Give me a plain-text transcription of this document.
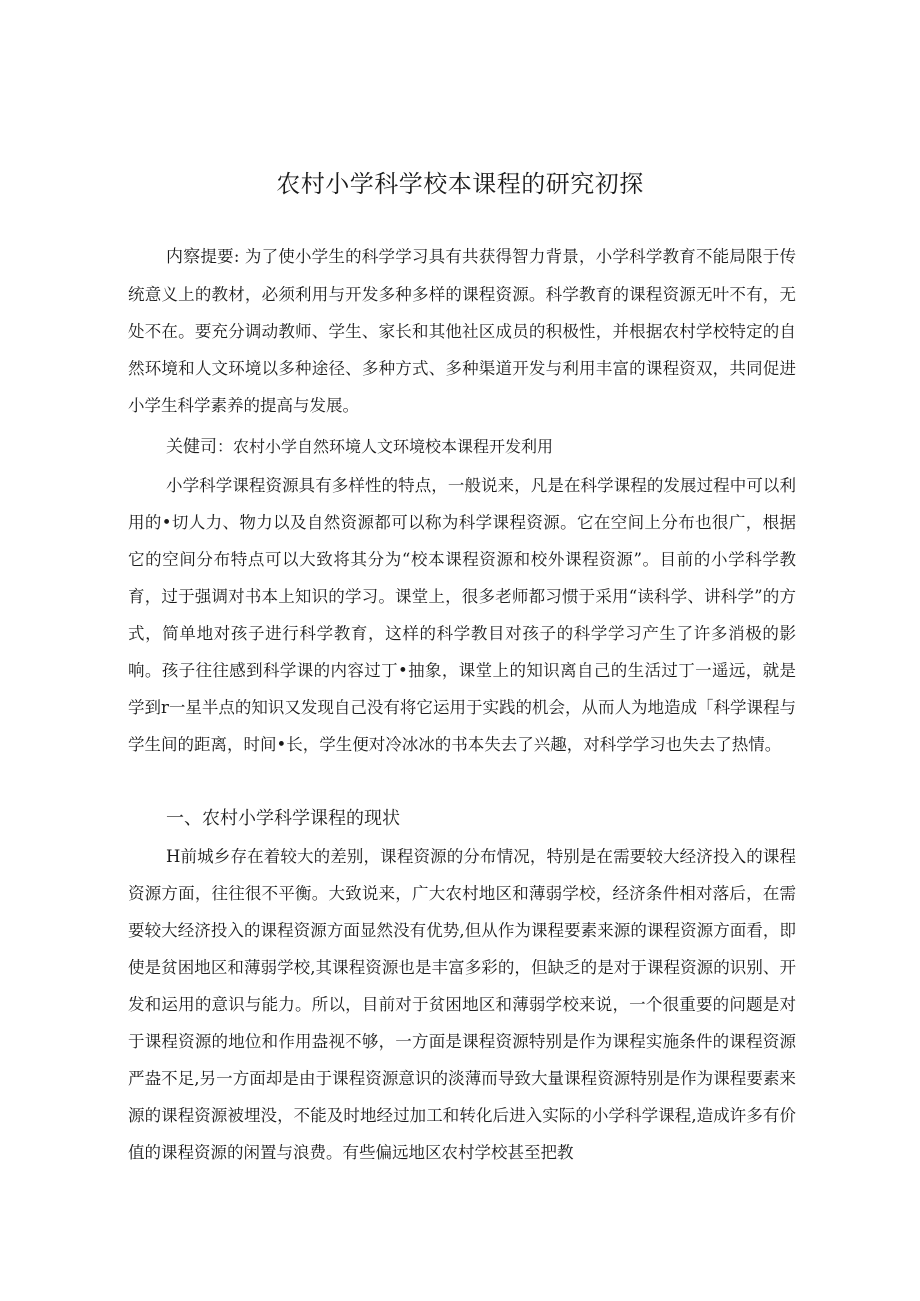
农村小学科学校本课程的研究初探

内察提要: 为了使小学生的科学学习具有共获得智力背景，小学科学教育不能局限于传统意义上的教材，必须利用与开发多种多样的课程资源。科学教育的课程资源无叶不有，无处不在。要充分调动教师、学生、家长和其他社区成员的积极性，并根据农村学校特定的自然环境和人文环境以多种途径、多种方式、多种渠道开发与利用丰富的课程资双，共同促进小学生科学素养的提高与发展。

关健司：农村小学自然环境人文环境校本课程开发利用

小学科学课程资源具有多样性的特点，一般说来，凡是在科学课程的发展过程中可以利用的•切人力、物力以及自然资源都可以称为科学课程资源。它在空间上分布也很广，根据它的空间分布特点可以大致将其分为“校本课程资源和校外课程资源”。目前的小学科学教育，过于强调对书本上知识的学习。课堂上，很多老师都习惯于采用“读科学、讲科学”的方式，简单地对孩子进行科学教育，这样的科学教目对孩子的科学学习产生了许多消极的影响。孩子往往感到科学课的内容过丁•抽象，课堂上的知识离自己的生活过丁一遥远，就是学到r一星半点的知识又发现自己没有将它运用于实践的机会，从而人为地造成「科学课程与学生间的距离，时间•长，学生便对冷冰冰的书本失去了兴趣，对科学学习也失去了热情。

一、农村小学科学课程的现状

H前城乡存在着较大的差别，课程资源的分布情况，特别是在需要较大经济投入的课程资源方面，往往很不平衡。大致说来，广大农村地区和薄弱学校，经济条件相对落后，在需要较大经济投入的课程资源方面显然没有优势,但从作为课程要素来源的课程资源方面看，即使是贫困地区和薄弱学校,其课程资源也是丰富多彩的，但缺乏的是对于课程资源的识别、开发和运用的意识与能力。所以，目前对于贫困地区和薄弱学校来说，一个很重要的问题是对于课程资源的地位和作用盎视不够，一方面是课程资源特别是作为课程实施条件的课程资源严盎不足,另一方面却是由于课程资源意识的淡薄而导致大量课程资源特别是作为课程要素来源的课程资源被埋没，不能及时地经过加工和转化后进入实际的小学科学课程,造成许多有价值的课程资源的闲置与浪费。有些偏远地区农村学校甚至把教
